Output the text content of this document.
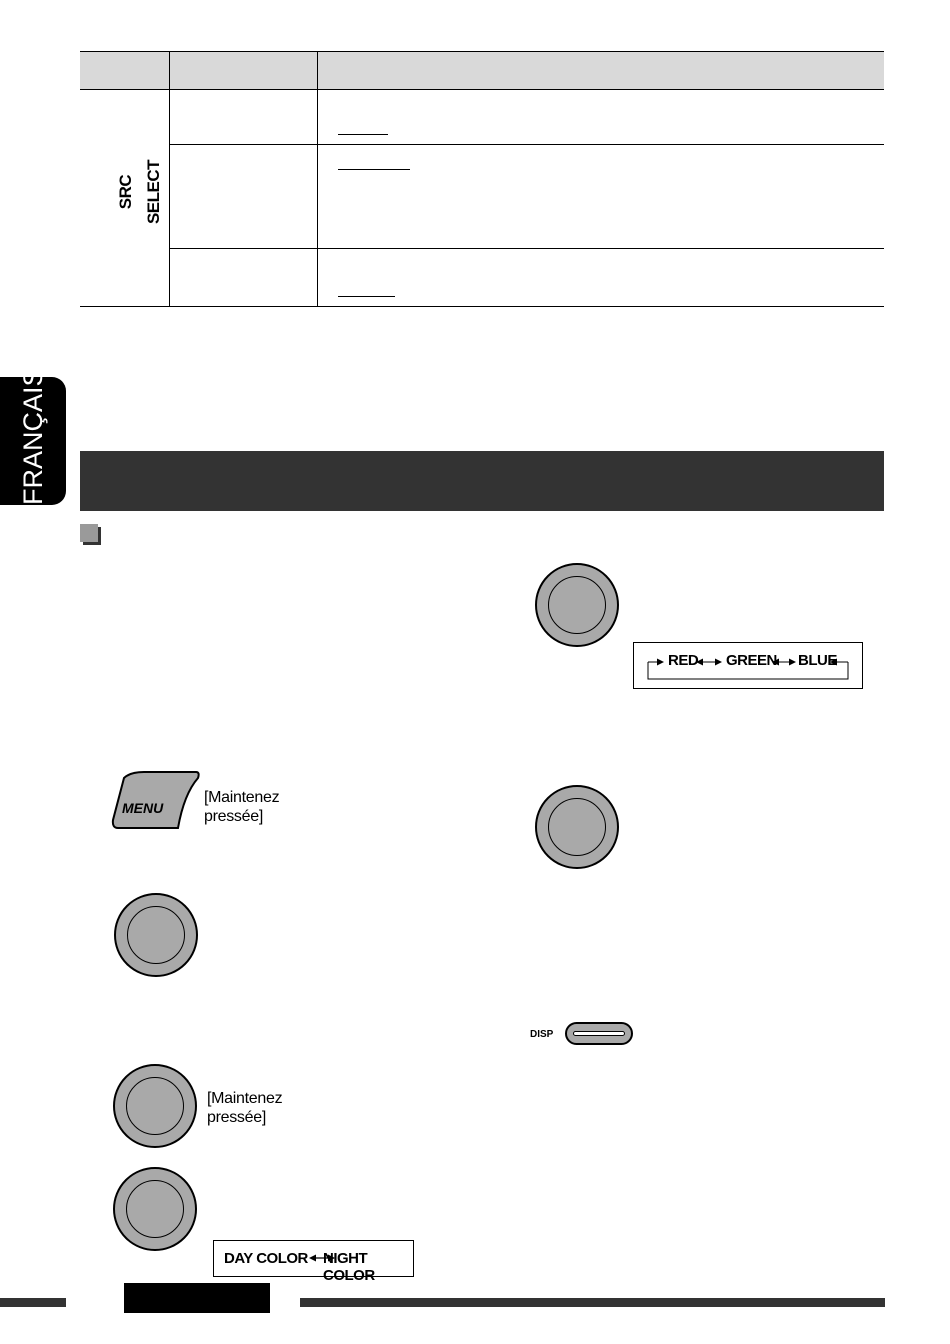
SRC SELECT
FRANÇAIS
MENU
[Maintenez pressée]
[Maintenez pressée]
DAY COLOR NIGHT COLOR
RED GREEN BLUE
DISP
